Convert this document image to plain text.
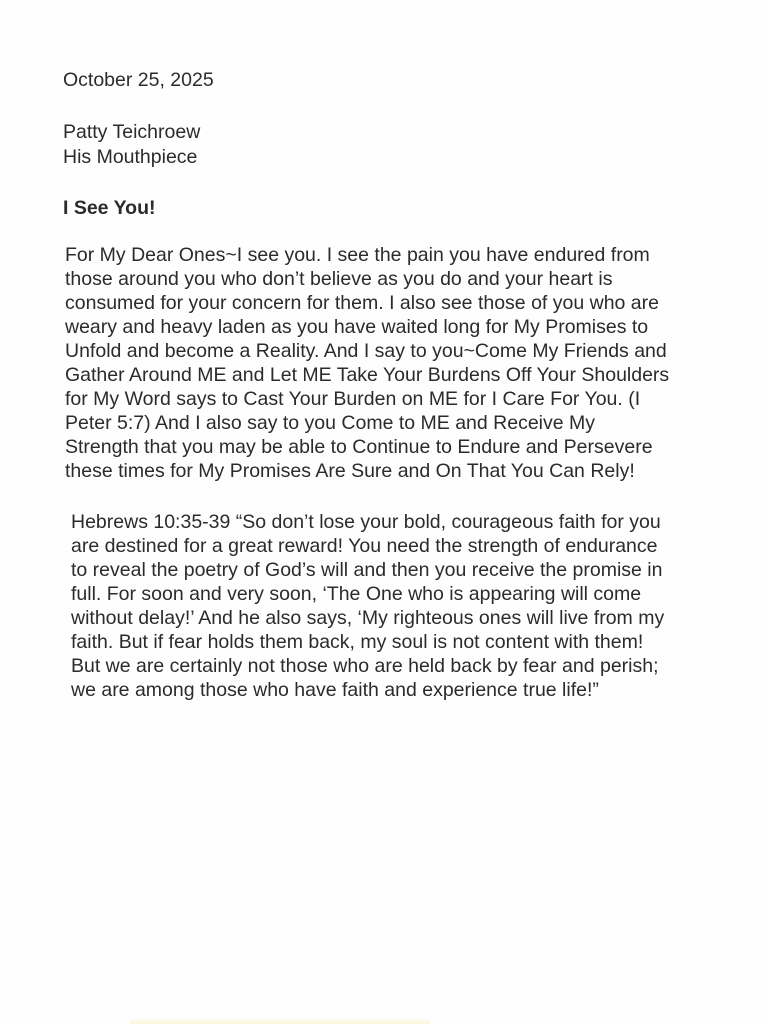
October 25, 2025
Patty Teichroew
His Mouthpiece
I See You!
For My Dear Ones~I see you. I see the pain you have endured from
those around you who don’t believe as you do and your heart is
consumed for your concern for them. I also see those of you who are
weary and heavy laden as you have waited long for My Promises to
Unfold and become a Reality. And I say to you~Come My Friends and
Gather Around ME and Let ME Take Your Burdens Off Your Shoulders
for My Word says to Cast Your Burden on ME for I Care For You. (I
Peter 5:7) And I also say to you Come to ME and Receive My
Strength that you may be able to Continue to Endure and Persevere
these times for My Promises Are Sure and On That You Can Rely!
Hebrews 10:35-39 “So don’t lose your bold, courageous faith for you
are destined for a great reward! You need the strength of endurance
to reveal the poetry of God’s will and then you receive the promise in
full. For soon and very soon, ‘The One who is appearing will come
without delay!’ And he also says, ‘My righteous ones will live from my
faith. But if fear holds them back, my soul is not content with them!
But we are certainly not those who are held back by fear and perish;
we are among those who have faith and experience true life!”
